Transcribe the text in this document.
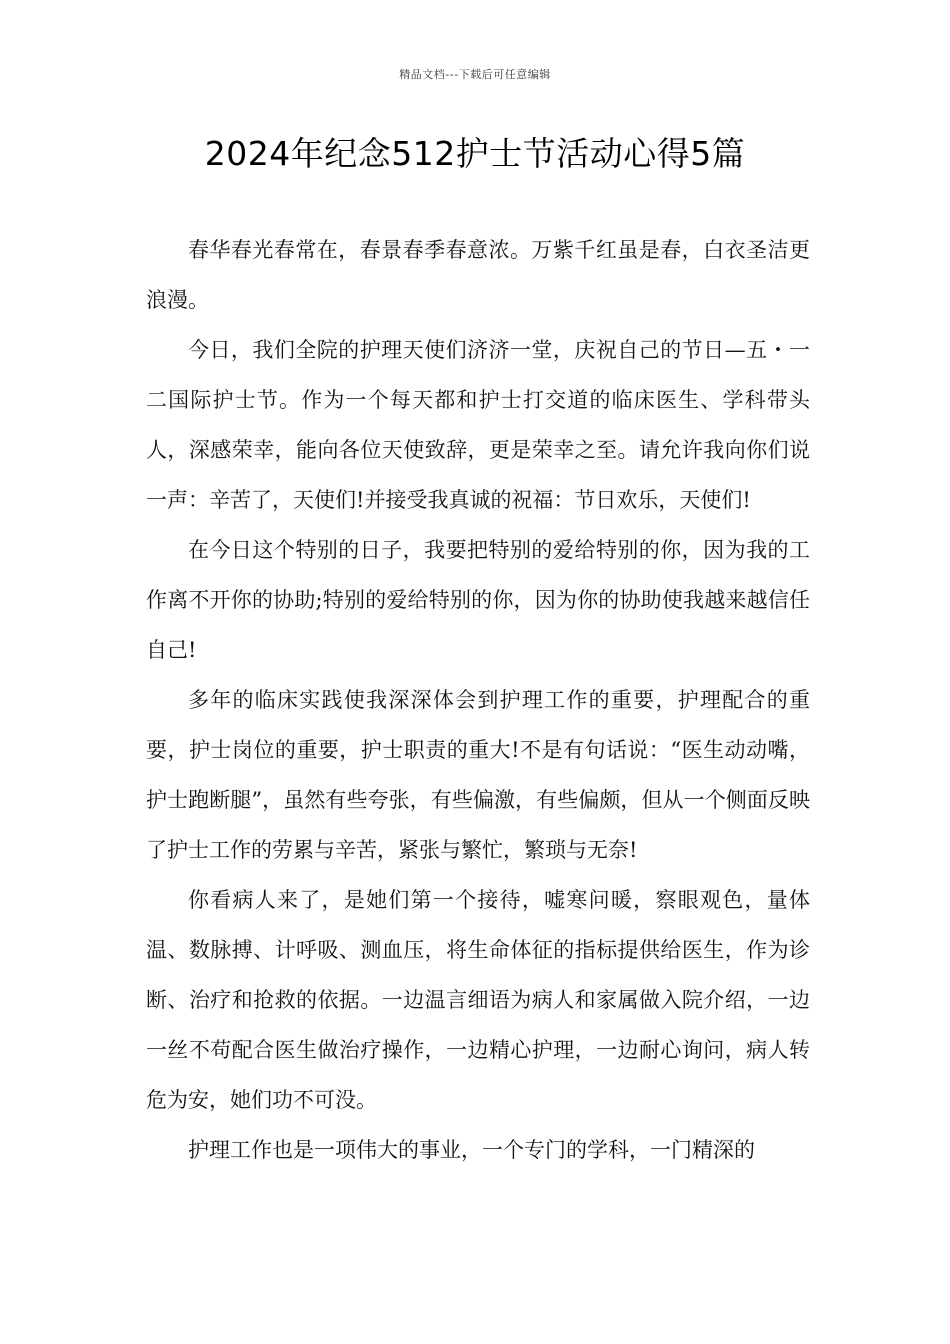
精品文档---下载后可任意编辑
2024年纪念512护士节活动心得5篇

春华春光春常在，春景春季春意浓。万紫千红虽是春，白衣圣洁更浪漫。

今日，我们全院的护理天使们济济一堂，庆祝自己的节日—五・一二国际护士节。作为一个每天都和护士打交道的临床医生、学科带头人，深感荣幸，能向各位天使致辞，更是荣幸之至。请允许我向你们说一声：辛苦了，天使们!并接受我真诚的祝福：节日欢乐，天使们!

在今日这个特别的日子，我要把特别的爱给特别的你，因为我的工作离不开你的协助;特别的爱给特别的你，因为你的协助使我越来越信任自己!

多年的临床实践使我深深体会到护理工作的重要，护理配合的重要，护士岗位的重要，护士职责的重大!不是有句话说：“医生动动嘴，护士跑断腿”，虽然有些夸张，有些偏激，有些偏颇，但从一个侧面反映了护士工作的劳累与辛苦，紧张与繁忙，繁琐与无奈!

你看病人来了，是她们第一个接待，嘘寒问暖，察眼观色，量体温、数脉搏、计呼吸、测血压，将生命体征的指标提供给医生，作为诊断、治疗和抢救的依据。一边温言细语为病人和家属做入院介绍，一边一丝不苟配合医生做治疗操作，一边精心护理，一边耐心询问，病人转危为安，她们功不可没。

护理工作也是一项伟大的事业，一个专门的学科，一门精深的
